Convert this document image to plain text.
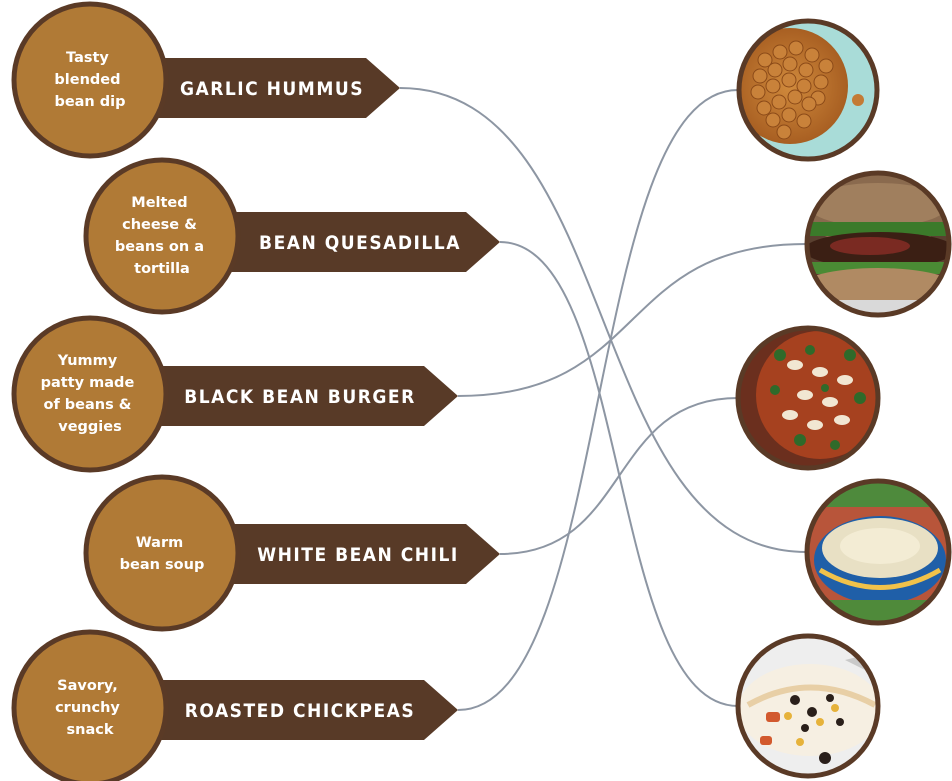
GARLIC HUMMUS
Tasty blended bean dip
BEAN QUESADILLA
Melted cheese & beans on a tortilla
BLACK BEAN BURGER
Yummy patty made of beans & veggies
WHITE BEAN CHILI
Warm bean soup
ROASTED CHICKPEAS
Savory, crunchy snack
